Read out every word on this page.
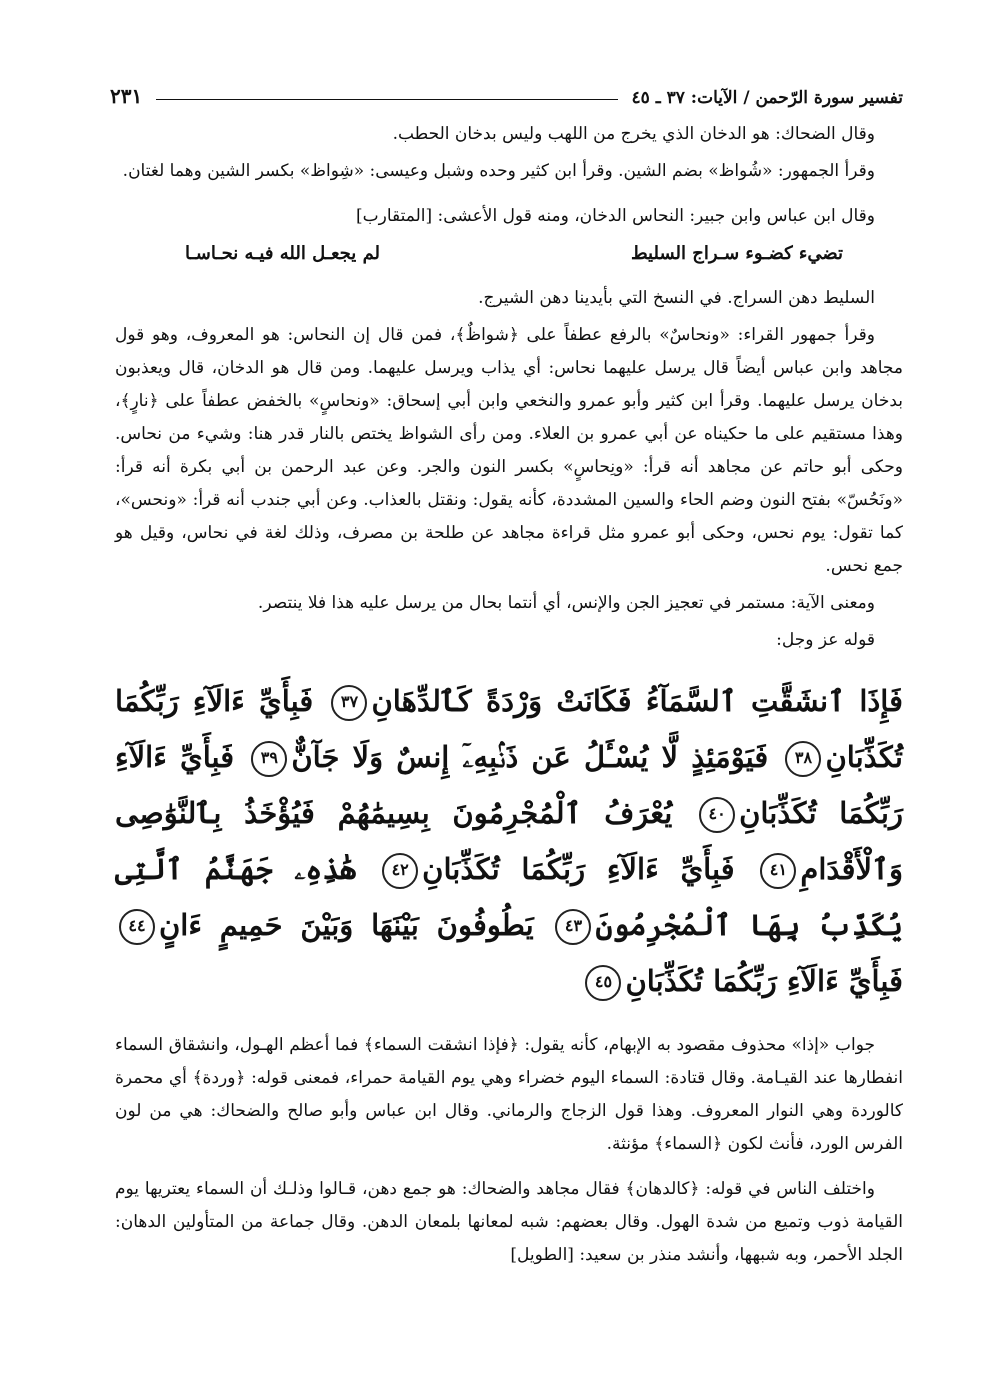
تفسير سورة الرّحمن / الآيات: ٣٧ ـ ٤٥
٢٣١

وقال الضحاك: هو الدخان الذي يخرج من اللهب وليس بدخان الحطب.

وقرأ الجمهور: «شُواظ» بضم الشين. وقرأ ابن كثير وحده وشبل وعيسى: «شِواظ» بكسر الشين وهما لغتان.

وقال ابن عباس وابن جبير: النحاس الدخان، ومنه قول الأعشى: [المتقارب]

تضيء كضـوء سـراج السليط
لم يجعـل الله فيـه نحـاسـا

السليط دهن السراج. في النسخ التي بأيدينا دهن الشيرج.

وقرأ جمهور القراء: «ونحاسٌ» بالرفع عطفاً على ﴿شواظٌ﴾، فمن قال إن النحاس: هو المعروف، وهو قول مجاهد وابن عباس أيضاً قال يرسل عليهما نحاس: أي يذاب ويرسل عليهما. ومن قال هو الدخان، قال ويعذبون بدخان يرسل عليهما. وقرأ ابن كثير وأبو عمرو والنخعي وابن أبي إسحاق: «ونحاسٍ» بالخفض عطفاً على ﴿نارٍ﴾، وهذا مستقيم على ما حكيناه عن أبي عمرو بن العلاء. ومن رأى الشواظ يختص بالنار قدر هنا: وشيء من نحاس. وحكى أبو حاتم عن مجاهد أنه قرأ: «ونِحاسٍ» بكسر النون والجر. وعن عبد الرحمن بن أبي بكرة أنه قرأ: «ونَحُسّ» بفتح النون وضم الحاء والسين المشددة، كأنه يقول: ونقتل بالعذاب. وعن أبي جندب أنه قرأ: «ونحس»، كما تقول: يوم نحس، وحكى أبو عمرو مثل قراءة مجاهد عن طلحة بن مصرف، وذلك لغة في نحاس، وقيل هو جمع نحس.

ومعنى الآية: مستمر في تعجيز الجن والإنس، أي أنتما بحال من يرسل عليه هذا فلا ينتصر.

قوله عز وجل:

فَإِذَا ٱنشَقَّتِ ٱلسَّمَآءُ فَكَانَتْ وَرْدَةً كَٱلدِّهَانِ٣٧ فَبِأَيِّ ءَالَآءِ رَبِّكُمَا تُكَذِّبَانِ٣٨ فَيَوْمَئِذٍ لَّا يُسْـَٔلُ عَن ذَنۢبِهِۦٓ إِنسٌ وَلَا جَآنٌّ٣٩ فَبِأَيِّ ءَالَآءِ رَبِّكُمَا تُكَذِّبَانِ٤٠ يُعْرَفُ ٱلْمُجْرِمُونَ بِسِيمَٰهُمْ فَيُؤْخَذُ بِٱلنَّوَٰصِى وَٱلْأَقْدَامِ٤١ فَبِأَيِّ ءَالَآءِ رَبِّكُمَا تُكَذِّبَانِ٤٢ هَٰذِهِۦ جَهَنَّمُ ٱلَّتِى يُكَذِّبُ بِهَا ٱلْمُجْرِمُونَ٤٣ يَطُوفُونَ بَيْنَهَا وَبَيْنَ حَمِيمٍ ءَانٍ٤٤ فَبِأَيِّ ءَالَآءِ رَبِّكُمَا تُكَذِّبَانِ٤٥

جواب «إذا» محذوف مقصود به الإبهام، كأنه يقول: ﴿فإذا انشقت السماء﴾ فما أعظم الهـول، وانشقاق السماء انفطارها عند القيـامة. وقال قتادة: السماء اليوم خضراء وهي يوم القيامة حمراء، فمعنى قوله: ﴿وردة﴾ أي محمرة كالوردة وهي النوار المعروف. وهذا قول الزجاج والرماني. وقال ابن عباس وأبو صالح والضحاك: هي من لون الفرس الورد، فأنث لكون ﴿السماء﴾ مؤنثة.

واختلف الناس في قوله: ﴿كالدهان﴾ فقال مجاهد والضحاك: هو جمع دهن، قـالوا وذلـك أن السماء يعتريها يوم القيامة ذوب وتميع من شدة الهول. وقال بعضهم: شبه لمعانها بلمعان الدهن. وقال جماعة من المتأولين الدهان: الجلد الأحمر، وبه شبهها، وأنشد منذر بن سعيد: [الطويل]
